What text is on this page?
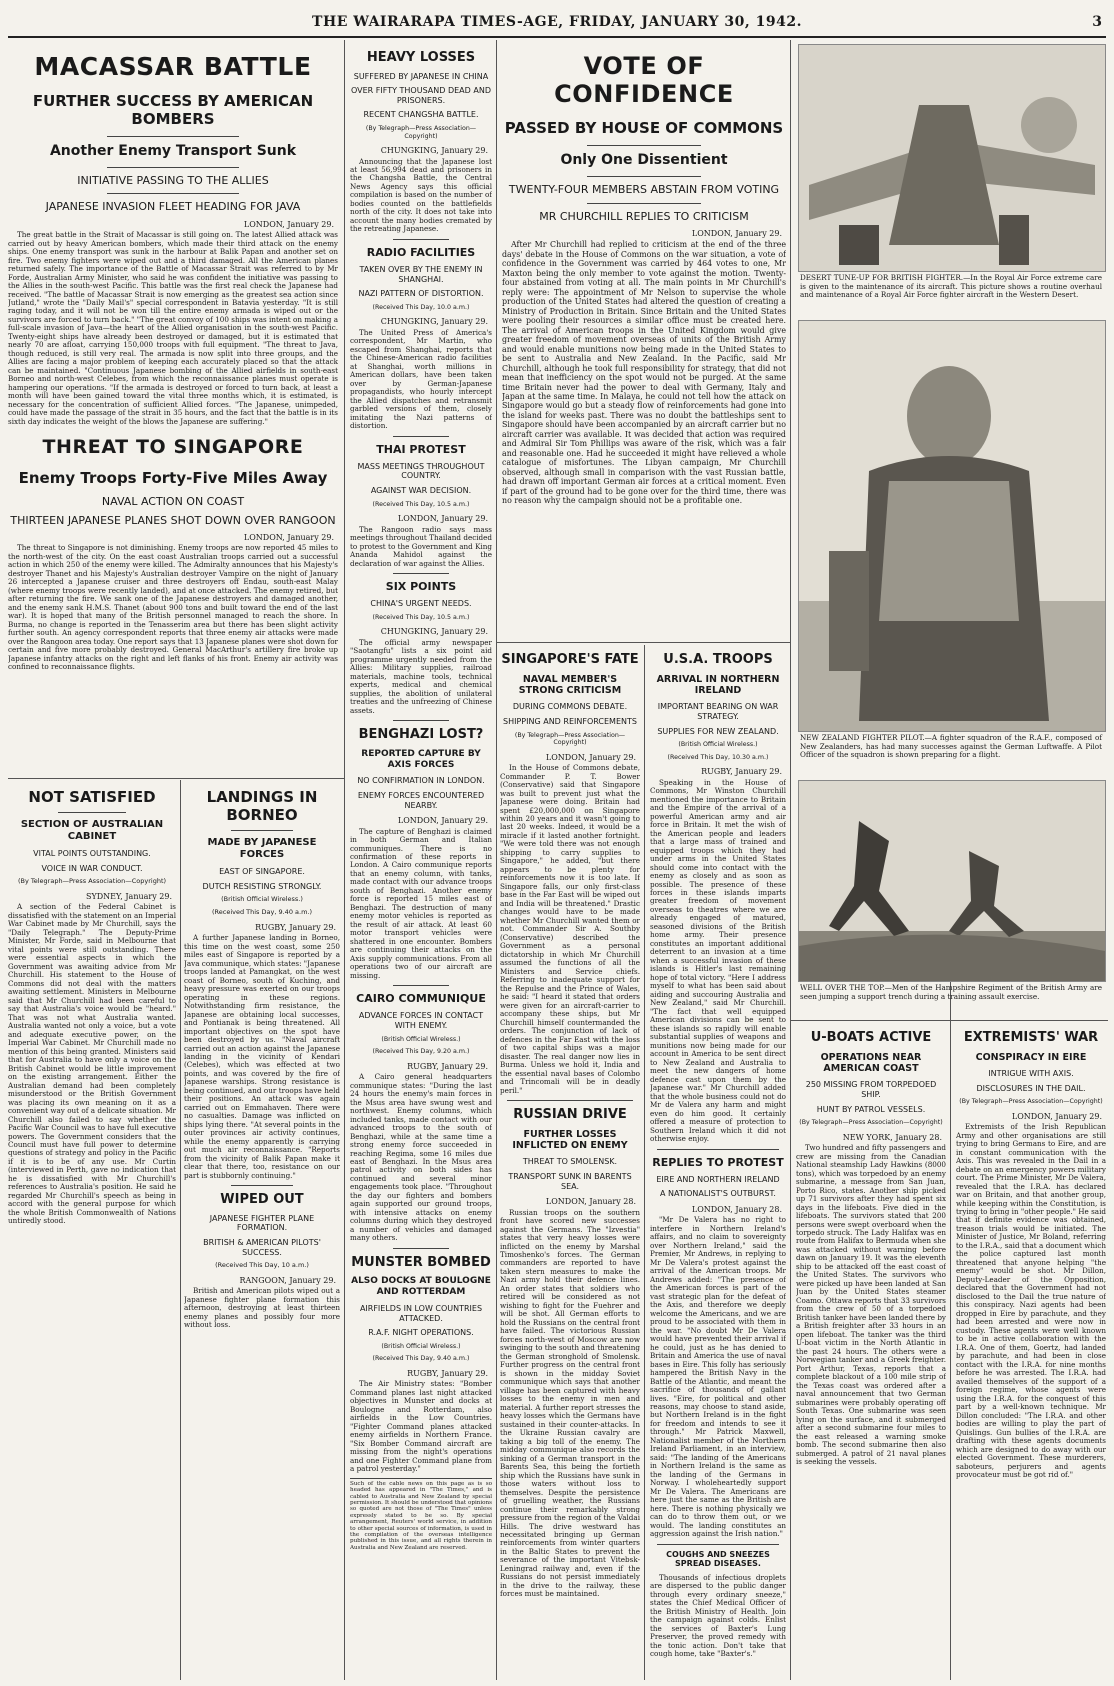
THE WAIRARAPA TIMES-AGE, FRIDAY, JANUARY 30, 1942.	3
MACASSAR BATTLE
FURTHER SUCCESS BY AMERICAN BOMBERS
Another Enemy Transport Sunk
INITIATIVE PASSING TO THE ALLIES
JAPANESE INVASION FLEET HEADING FOR JAVA
LONDON, January 29.

The great battle in the Strait of Macassar is still going on. The latest Allied attack was carried out by heavy American bombers, which made their third attack on the enemy ships. One enemy transport was sunk in the harbour at Balik Papan and another set on fire. Two enemy fighters were wiped out and a third damaged. All the American planes returned safely. The importance of the Battle of Macassar Strait was referred to by Mr Forde, Australian Army Minister, who said he was confident the initiative was passing to the Allies in the south-west Pacific. This battle was the first real check the Japanese had received. "The battle of Macassar Strait is now emerging as the greatest sea action since Jutland," wrote the "Daily Mail's" special correspondent in Batavia yesterday. "It is still raging today, and it will not be won till the entire enemy armada is wiped out or the survivors are forced to turn back." "The great convoy of 100 ships was intent on making a full-scale invasion of Java—the heart of the Allied organisation in the south-west Pacific. Twenty-eight ships have already been destroyed or damaged, but it is estimated that nearly 70 are afloat, carrying 150,000 troops with full equipment. "The threat to Java, though reduced, is still very real. The armada is now split into three groups, and the Allies are facing a major problem of keeping each accurately placed so that the attack can be maintained. "Continuous Japanese bombing of the Allied airfields in south-east Borneo and north-west Celebes, from which the reconnaissance planes must operate is hampering our operations. "If the armada is destroyed or forced to turn back, at least a month will have been gained toward the vital three months which, it is estimated, is necessary for the concentration of sufficient Allied forces. "The Japanese, unimpeded, could have made the passage of the strait in 35 hours, and the fact that the battle is in its sixth day indicates the weight of the blows the Japanese are suffering."

THREAT TO SINGAPORE
Enemy Troops Forty-Five Miles Away
NAVAL ACTION ON COAST
THIRTEEN JAPANESE PLANES SHOT DOWN OVER RANGOON
LONDON, January 29.

The threat to Singapore is not diminishing. Enemy troops are now reported 45 miles to the north-west of the city. On the east coast Australian troops carried out a successful action in which 250 of the enemy were killed. The Admiralty announces that his Majesty's destroyer Thanet and his Majesty's Australian destroyer Vampire on the night of January 26 intercepted a Japanese cruiser and three destroyers off Endau, south-east Malay (where enemy troops were recently landed), and at once attacked. The enemy retired, but after returning the fire. We sank one of the Japanese destroyers and damaged another, and the enemy sank H.M.S. Thanet (about 900 tons and built toward the end of the last war). It is hoped that many of the British personnel managed to reach the shore. In Burma, no change is reported in the Tenasserim area but there has been slight activity further south. An agency correspondent reports that three enemy air attacks were made over the Rangoon area today. One report says that 13 Japanese planes were shot down for certain and five more probably destroyed. General MacArthur's artillery fire broke up Japanese infantry attacks on the right and left flanks of his front. Enemy air activity was confined to reconnaissance flights.

NOT SATISFIED
SECTION OF AUSTRALIAN CABINET
VITAL POINTS OUTSTANDING.
VOICE IN WAR CONDUCT.
(By Telegraph—Press Association—Copyright)
SYDNEY, January 29.

A section of the Federal Cabinet is dissatisfied with the statement on an Imperial War Cabinet made by Mr Churchill, says the "Daily Telegraph." The Deputy-Prime Minister, Mr Forde, said in Melbourne that vital points were still outstanding. There were essential aspects in which the Government was awaiting advice from Mr Churchill. His statement to the House of Commons did not deal with the matters awaiting settlement. Ministers in Melbourne said that Mr Churchill had been careful to say that Australia's voice would be "heard." That was not what Australia wanted. Australia wanted not only a voice, but a vote and adequate executive power, on the Imperial War Cabinet. Mr Churchill made no mention of this being granted. Ministers said that for Australia to have only a voice on the British Cabinet would be little improvement on the existing arrangement. Either the Australian demand had been completely misunderstood or the British Government was placing its own meaning on it as a convenient way out of a delicate situation. Mr Churchill also failed to say whether the Pacific War Council was to have full executive powers. The Government considers that the Council must have full power to determine questions of strategy and policy in the Pacific if it is to be of any use. Mr Curtin (interviewed in Perth, gave no indication that he is dissatisfied with Mr Churchill's references to Australia's position. He said he regarded Mr Churchill's speech as being in accord with the general purpose for which the whole British Commonwealth of Nations untiredly stood.

LANDINGS IN BORNEO
MADE BY JAPANESE FORCES
EAST OF SINGAPORE.
DUTCH RESISTING STRONGLY.
(British Official Wireless.)
(Received This Day, 9.40 a.m.)
RUGBY, January 29.

A further Japanese landing in Borneo, this time on the west coast, some 250 miles east of Singapore is reported by a Java communique, which states: "Japanese troops landed at Pamangkat, on the west coast of Borneo, south of Kuching, and heavy pressure was exerted on our troops operating in these regions. Notwithstanding firm resistance, the Japanese are obtaining local successes, and Pontianak is being threatened. All important objectives on the spot have been destroyed by us. "Naval aircraft carried out an action against the Japanese landing in the vicinity of Kendari (Celebes), which was effected at two points, and was covered by the fire of Japanese warships. Strong resistance is being continued, and our troops have held their positions. An attack was again carried out on Emmahaven. There were no casualties. Damage was inflicted on ships lying there. "At several points in the outer provinces air activity continues, while the enemy apparently is carrying out much air reconnaissance. "Reports from the vicinity of Balik Papan make it clear that there, too, resistance on our part is stubbornly continuing."

WIPED OUT
JAPANESE FIGHTER PLANE FORMATION.
BRITISH & AMERICAN PILOTS' SUCCESS.
(Received This Day, 10 a.m.)
RANGOON, January 29.

British and American pilots wiped out a Japanese fighter plane formation this afternoon, destroying at least thirteen enemy planes and possibly four more without loss.

HEAVY LOSSES
SUFFERED BY JAPANESE IN CHINA
OVER FIFTY THOUSAND DEAD AND PRISONERS.
RECENT CHANGSHA BATTLE.
(By Telegraph—Press Association—Copyright)
CHUNGKING, January 29.

Announcing that the Japanese lost at least 56,994 dead and prisoners in the Changsha Battle, the Central News Agency says this official compilation is based on the number of bodies counted on the battlefields north of the city. It does not take into account the many bodies cremated by the retreating Japanese.

RADIO FACILITIES
TAKEN OVER BY THE ENEMY IN SHANGHAI.
NAZI PATTERN OF DISTORTION.
(Received This Day, 10.0 a.m.)
CHUNGKING, January 29.

The United Press of America's correspondent, Mr Martin, who escaped from Shanghai, reports that the Chinese-American radio facilities at Shanghai, worth millions in American dollars, have been taken over by German-Japanese propagandists, who hourly intercept the Allied dispatches and retransmit garbled versions of them, closely imitating the Nazi patterns of distortion.

THAI PROTEST
MASS MEETINGS THROUGHOUT COUNTRY.
AGAINST WAR DECISION.
(Received This Day, 10.5 a.m.)
LONDON, January 29.

The Rangoon radio says mass meetings throughout Thailand decided to protest to the Government and King Ananda Mahidol against the declaration of war against the Allies.

SIX POINTS
CHINA'S URGENT NEEDS.
(Received This Day, 10.5 a.m.)
CHUNGKING, January 29.

The official army newspaper "Saotangfu" lists a six point aid programme urgently needed from the Allies: Military supplies, railroad materials, machine tools, technical experts, medical and chemical supplies, the abolition of unilateral treaties and the unfreezing of Chinese assets.

BENGHAZI LOST?
REPORTED CAPTURE BY AXIS FORCES
NO CONFIRMATION IN LONDON.
ENEMY FORCES ENCOUNTERED NEARBY.
LONDON, January 29.

The capture of Benghazi is claimed in both German and Italian communiques. There is no confirmation of these reports in London. A Cairo communique reports that an enemy column, with tanks, made contact with our advance troops south of Benghazi. Another enemy force is reported 15 miles east of Benghazi. The destruction of many enemy motor vehicles is reported as the result of air attack. At least 60 motor transport vehicles were shattered in one encounter. Bombers are continuing their attacks on the Axis supply communications. From all operations two of our aircraft are missing.

CAIRO COMMUNIQUE
ADVANCE FORCES IN CONTACT WITH ENEMY.
(British Official Wireless.)
(Received This Day, 9.20 a.m.)
RUGBY, January 29.

A Cairo general headquarters communique states: "During the last 24 hours the enemy's main forces in the Msus area have swung west and northwest. Enemy columns, which included tanks, made contact with our advanced troops to the south of Benghazi, while at the same time a strong enemy force succeeded in reaching Regima, some 16 miles due east of Benghazi. In the Msus area patrol activity on both sides has continued and several minor engagements took place. "Throughout the day our fighters and bombers again supported our ground troops, with intensive attacks on enemy columns during which they destroyed a number of vehicles and damaged many others.

MUNSTER BOMBED
ALSO DOCKS AT BOULOGNE AND ROTTERDAM
AIRFIELDS IN LOW COUNTRIES ATTACKED.
R.A.F. NIGHT OPERATIONS.
(British Official Wireless.)
(Received This Day, 9.40 a.m.)
RUGBY, January 29.

The Air Ministry states: "Bomber Command planes last night attacked objectives in Munster and docks at Boulogne and Rotterdam, also airfields in the Low Countries. "Fighter Command planes attacked enemy airfields in Northern France. "Six Bomber Command aircraft are missing from the night's operations and one Fighter Command plane from a patrol yesterday."

Such of the cable news on this page as is so headed has appeared in "The Times," and is cabled to Australia and New Zealand by special permission. It should be understood that opinions so quoted are not those of "The Times" unless expressly stated to be so. By special arrangement, Reuters' world service, in addition to other special sources of information, is used in the compilation of the overseas intelligence published in this issue, and all rights therein in Australia and New Zealand are reserved.
VOTE OF CONFIDENCE
PASSED BY HOUSE OF COMMONS
Only One Dissentient
TWENTY-FOUR MEMBERS ABSTAIN FROM VOTING
MR CHURCHILL REPLIES TO CRITICISM
LONDON, January 29.

After Mr Churchill had replied to criticism at the end of the three days' debate in the House of Commons on the war situation, a vote of confidence in the Government was carried by 464 votes to one, Mr Maxton being the only member to vote against the motion. Twenty-four abstained from voting at all. The main points in Mr Churchill's reply were: The appointment of Mr Nelson to supervise the whole production of the United States had altered the question of creating a Ministry of Production in Britain. Since Britain and the United States were pooling their resources a similar office must be created here. The arrival of American troops in the United Kingdom would give greater freedom of movement overseas of units of the British Army and would enable munitions now being made in the United States to be sent to Australia and New Zealand. In the Pacific, said Mr Churchill, although he took full responsibility for strategy, that did not mean that inefficiency on the spot would not be purged. At the same time Britain never had the power to deal with Germany, Italy and Japan at the same time. In Malaya, he could not tell how the attack on Singapore would go but a steady flow of reinforcements had gone into the island for weeks past. There was no doubt the battleships sent to Singapore should have been accompanied by an aircraft carrier but no aircraft carrier was available. It was decided that action was required and Admiral Sir Tom Phillips was aware of the risk, which was a fair and reasonable one. Had he succeeded it might have relieved a whole catalogue of misfortunes. The Libyan campaign, Mr Churchill observed, although small in comparison with the vast Russian battle, had drawn off important German air forces at a critical moment. Even if part of the ground had to be gone over for the third time, there was no reason why the campaign should not be a profitable one.

SINGAPORE'S FATE
NAVAL MEMBER'S STRONG CRITICISM
DURING COMMONS DEBATE.
SHIPPING AND REINFORCEMENTS
(By Telegraph—Press Association—Copyright)
LONDON, January 29.

In the House of Commons debate, Commander P. T. Bower (Conservative) said that Singapore was built to prevent just what the Japanese were doing. Britain had spent £20,000,000 on Singapore within 20 years and it wasn't going to last 20 weeks. Indeed, it would be a miracle if it lasted another fortnight. "We were told there was not enough shipping to carry supplies to Singapore," he added, "but there appears to be plenty for reinforcements now it is too late. If Singapore falls, our only first-class base in the Far East will be wiped out and India will be threatened." Drastic changes would have to be made whether Mr Churchill wanted them or not. Commander Sir A. Southby (Conservative) described the Government as a personal dictatorship in which Mr Churchill assumed the functions of all the Ministers and Service chiefs. Referring to inadequate support for the Repulse and the Prince of Wales, he said: "I heard it stated that orders were given for an aircraft-carrier to accompany these ships, but Mr Churchill himself countermanded the orders. The conjunction of lack of defences in the Far East with the loss of two capital ships was a major disaster. The real danger now lies in Burma. Unless we hold it, India and the essential naval bases of Colombo and Trincomali will be in deadly peril."

RUSSIAN DRIVE
FURTHER LOSSES INFLICTED ON ENEMY
THREAT TO SMOLENSK.
TRANSPORT SUNK IN BARENTS SEA.
LONDON, January 28.

Russian troops on the southern front have scored new successes against the Germans. The "Izvestia" states that very heavy losses were inflicted on the enemy by Marshal Timoshenko's forces. The German commanders are reported to have taken stern measures to make the Nazi army hold their defence lines. An order states that soldiers who retired will be considered as not wishing to fight for the Fuehrer and will be shot. All German efforts to hold the Russians on the central front have failed. The victorious Russian forces north-west of Moscow are now swinging to the south and threatening the German stronghold of Smolensk. Further progress on the central front is shown in the midday Soviet communique which says that another village has been captured with heavy losses to the enemy in men and material. A further report stresses the heavy losses which the Germans have sustained in their counter-attacks. In the Ukraine Russian cavalry are taking a big toll of the enemy. The midday communique also records the sinking of a German transport in the Barents Sea, this being the fortieth ship which the Russians have sunk in those waters without loss to themselves. Despite the persistence of gruelling weather, the Russians continue their remarkably strong pressure from the region of the Valdai Hills. The drive westward has necessitated bringing up German reinforcements from winter quarters in the Baltic States to prevent the severance of the important Vitebsk-Leningrad railway and, even if the Russians do not persist immediately in the drive to the railway, these forces must be maintained.

U.S.A. TROOPS
ARRIVAL IN NORTHERN IRELAND
IMPORTANT BEARING ON WAR STRATEGY.
SUPPLIES FOR NEW ZEALAND.
(British Official Wireless.)
(Received This Day, 10.30 a.m.)
RUGBY, January 29.

Speaking in the House of Commons, Mr Winston Churchill mentioned the importance to Britain and the Empire of the arrival of a powerful American army and air force in Britain. It met the wish of the American people and leaders that a large mass of trained and equipped troops which they had under arms in the United States should come into contact with the enemy as closely and as soon as possible. The presence of these forces in these islands imparts greater freedom of movement overseas to theatres where we are already engaged of matured, seasoned divisions of the British home army. Their presence constitutes an important additional deterrent to an invasion at a time when a successful invasion of these islands is Hitler's last remaining hope of total victory. "Here I address myself to what has been said about aiding and succouring Australia and New Zealand," said Mr Churchill. "The fact that well equipped American divisions can be sent to these islands so rapidly will enable substantial supplies of weapons and munitions now being made for our account in America to be sent direct to New Zealand and Australia to meet the new dangers of home defence cast upon them by the Japanese war." Mr Churchill added that the whole business could not do Mr de Valera any harm and might even do him good. It certainly offered a measure of protection to Southern Ireland which it did not otherwise enjoy.

REPLIES TO PROTEST
EIRE AND NORTHERN IRELAND
A NATIONALIST'S OUTBURST.
LONDON, January 28.

"Mr De Valera has no right to interfere in Northern Ireland's affairs, and no claim to sovereignty over Northern Ireland," said the Premier, Mr Andrews, in replying to Mr De Valera's protest against the arrival of the American troops. Mr Andrews added: "The presence of the American forces is part of the vast strategic plan for the defeat of the Axis, and therefore we deeply welcome the Americans, and we are proud to be associated with them in the war. "No doubt Mr De Valera would have prevented their arrival if he could, just as he has denied to Britain and America the use of naval bases in Eire. This folly has seriously hampered the British Navy in the Battle of the Atlantic, and meant the sacrifice of thousands of gallant lives. "Eire, for political and other reasons, may choose to stand aside, but Northern Ireland is in the fight for freedom and intends to see it through." Mr Patrick Maxwell, Nationalist member of the Northern Ireland Parliament, in an interview, said: "The landing of the Americans in Northern Ireland is the same as the landing of the Germans in Norway. I wholeheartedly support Mr De Valera. The Americans are here just the same as the British are here. There is nothing physically we can do to throw them out, or we would. The landing constitutes an aggression against the Irish nation."

COUGHS AND SNEEZES SPREAD DISEASES.

Thousands of infectious droplets are dispersed to the public danger through every ordinary sneeze," states the Chief Medical Officer of the British Ministry of Health. Join the campaign against colds. Enlist the services of Baxter's Lung Preserver, the proved remedy with the tonic action. Don't take that cough home, take "Baxter's."

DESERT TUNE-UP FOR BRITISH FIGHTER.—In the Royal Air Force extreme care is given to the maintenance of its aircraft. This picture shows a routine overhaul and maintenance of a Royal Air Force fighter aircraft in the Western Desert.
NEW ZEALAND FIGHTER PILOT.—A fighter squadron of the R.A.F., composed of New Zealanders, has had many successes against the German Luftwaffe. A Pilot Officer of the squadron is shown preparing for a flight.
WELL OVER THE TOP.—Men of the Hampshire Regiment of the British Army are seen jumping a support trench during a training assault exercise.
U-BOATS ACTIVE
OPERATIONS NEAR AMERICAN COAST
250 MISSING FROM TORPEDOED SHIP.
HUNT BY PATROL VESSELS.
(By Telegraph—Press Association—Copyright)
NEW YORK, January 28.

Two hundred and fifty passengers and crew are missing from the Canadian National steamship Lady Hawkins (8000 tons), which was torpedoed by an enemy submarine, a message from San Juan, Porto Rico, states. Another ship picked up 71 survivors after they had spent six days in the lifeboats. Five died in the lifeboats. The survivors stated that 200 persons were swept overboard when the torpedo struck. The Lady Halifax was en route from Halifax to Bermuda when she was attacked without warning before dawn on January 19. It was the eleventh ship to be attacked off the east coast of the United States. The survivors who were picked up have been landed at San Juan by the United States steamer Coamo. Ottawa reports that 33 survivors from the crew of 50 of a torpedoed British tanker have been landed there by a British freighter after 33 hours in an open lifeboat. The tanker was the third U-boat victim in the North Atlantic in the past 24 hours. The others were a Norwegian tanker and a Greek freighter. Port Arthur, Texas, reports that a complete blackout of a 100 mile strip of the Texas coast was ordered after a naval announcement that two German submarines were probably operating off South Texas. One submarine was seen lying on the surface, and it submerged after a second submarine four miles to the east released a warning smoke bomb. The second submarine then also submerged. A patrol of 21 naval planes is seeking the vessels.

EXTREMISTS' WAR
CONSPIRACY IN EIRE
INTRIGUE WITH AXIS.
DISCLOSURES IN THE DAIL.
(By Telegraph—Press Association—Copyright)
LONDON, January 29.

Extremists of the Irish Republican Army and other organisations are still trying to bring Germans to Eire, and are in constant communication with the Axis. This was revealed in the Dail in a debate on an emergency powers military court. The Prime Minister, Mr De Valera, revealed that the I.R.A. has declared war on Britain, and that another group, while keeping within the Constitution, is trying to bring in "other people." He said that if definite evidence was obtained, treason trials would be initiated. The Minister of Justice, Mr Boland, referring to the I.R.A., said that a document which the police captured last month threatened that anyone helping "the enemy" would be shot. Mr Dillon, Deputy-Leader of the Opposition, declared that the Government had not disclosed to the Dail the true nature of this conspiracy. Nazi agents had been dropped in Eire by parachute, and they had been arrested and were now in custody. These agents were well known to be in active collaboration with the I.R.A. One of them, Goertz, had landed by parachute, and had been in close contact with the I.R.A. for nine months before he was arrested. The I.R.A. had availed themselves of the support of a foreign regime, whose agents were using the I.R.A. for the conquest of this part by a well-known technique. Mr Dillon concluded: "The I.R.A. and other bodies are willing to play the part of Quislings. Gun bullies of the I.R.A. are drafting with these agents documents which are designed to do away with our elected Government. These murderers, saboteurs, perjurers and agents provocateur must be got rid of."
